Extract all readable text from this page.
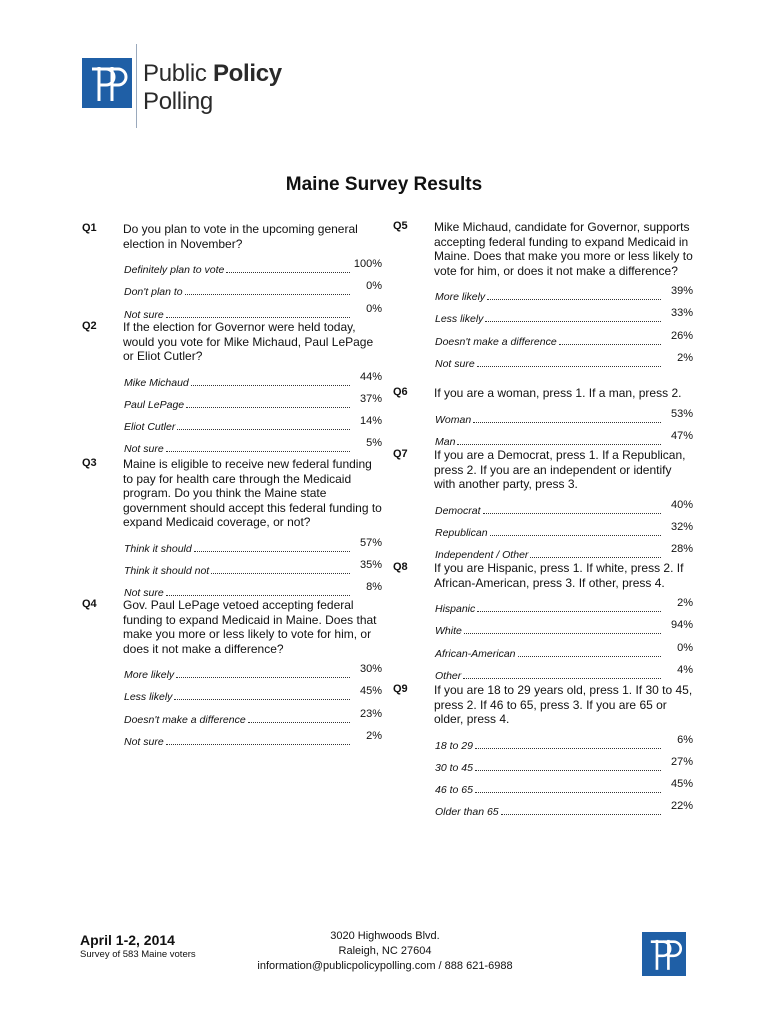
Public Policy
Polling
Maine Survey Results
Q1 Do you plan to vote in the upcoming general election in November?
Definitely plan to vote	100%
Don't plan to	0%
Not sure	0%
Q2 If the election for Governor were held today, would you vote for Mike Michaud, Paul LePage or Eliot Cutler?
Mike Michaud	44%
Paul LePage	37%
Eliot Cutler	14%
Not sure	5%
Q3 Maine is eligible to receive new federal funding to pay for health care through the Medicaid program. Do you think the Maine state government should accept this federal funding to expand Medicaid coverage, or not?
Think it should	57%
Think it should not	35%
Not sure	8%
Q4 Gov. Paul LePage vetoed accepting federal funding to expand Medicaid in Maine. Does that make you more or less likely to vote for him, or does it not make a difference?
More likely	30%
Less likely	45%
Doesn't make a difference	23%
Not sure	2%
Q5 Mike Michaud, candidate for Governor, supports accepting federal funding to expand Medicaid in Maine. Does that make you more or less likely to vote for him, or does it not make a difference?
More likely	39%
Less likely	33%
Doesn't make a difference	26%
Not sure	2%
Q6 If you are a woman, press 1. If a man, press 2.
Woman	53%
Man	47%
Q7 If you are a Democrat, press 1. If a Republican, press 2. If you are an independent or identify with another party, press 3.
Democrat	40%
Republican	32%
Independent / Other	28%
Q8 If you are Hispanic, press 1. If white, press 2. If African-American, press 3. If other, press 4.
Hispanic	2%
White	94%
African-American	0%
Other	4%
Q9 If you are 18 to 29 years old, press 1. If 30 to 45, press 2. If 46 to 65, press 3. If you are 65 or older, press 4.
18 to 29	6%
30 to 45	27%
46 to 65	45%
Older than 65	22%
April 1-2, 2014
Survey of 583 Maine voters
3020 Highwoods Blvd.
Raleigh, NC 27604
information@publicpolicypolling.com / 888 621-6988
